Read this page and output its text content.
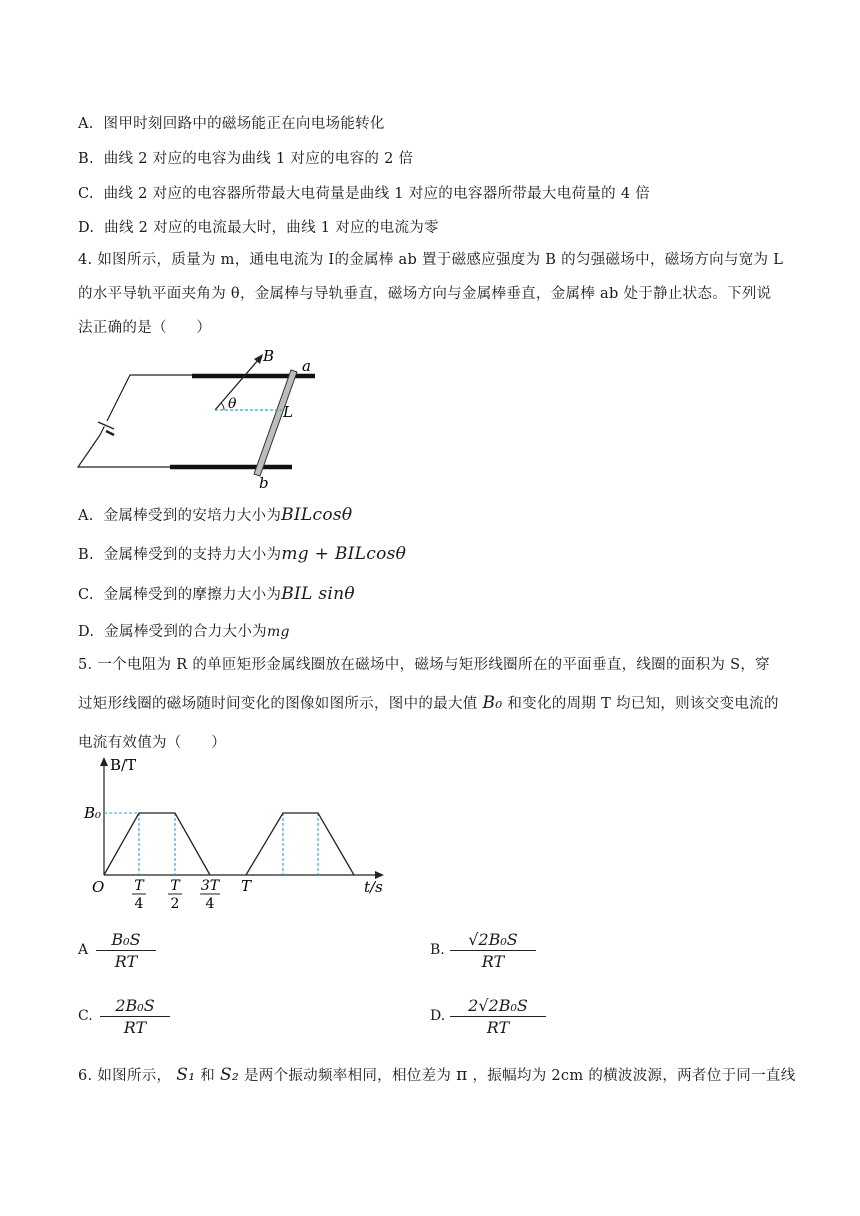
A. 图甲时刻回路中的磁场能正在向电场能转化
B. 曲线 2 对应的电容为曲线 1 对应的电容的 2 倍
C. 曲线 2 对应的电容器所带最大电荷量是曲线 1 对应的电容器所带最大电荷量的 4 倍
D. 曲线 2 对应的电流最大时，曲线 1 对应的电流为零
4. 如图所示，质量为 m，通电电流为 I的金属棒 ab 置于磁感应强度为 B 的匀强磁场中，磁场方向与宽为 L
的水平导轨平面夹角为 θ，金属棒与导轨垂直，磁场方向与金属棒垂直，金属棒 ab 处于静止状态。下列说
法正确的是（　　）
B
a
θ	L
b
A. 金属棒受到的安培力大小为BILcosθ
B. 金属棒受到的支持力大小为mg + BILcosθ
C. 金属棒受到的摩擦力大小为BIL sinθ
D. 金属棒受到的合力大小为mg
5. 一个电阻为 R 的单匝矩形金属线圈放在磁场中，磁场与矩形线圈所在的平面垂直，线圈的面积为 S，穿
过矩形线圈的磁场随时间变化的图像如图所示，图中的最大值 B₀ 和变化的周期 T 均已知，则该交变电流的
电流有效值为（　　）
B/T
B₀
O T
4
T
2
3T
4
T	t/s
A
B₀S
RT
B.
√2B₀S
RT
C.
2B₀S
RT
D.
2√2B₀S
RT
6. 如图所示， S₁ 和 S₂ 是两个振动频率相同，相位差为 π ，振幅均为 2cm 的横波波源，两者位于同一直线
